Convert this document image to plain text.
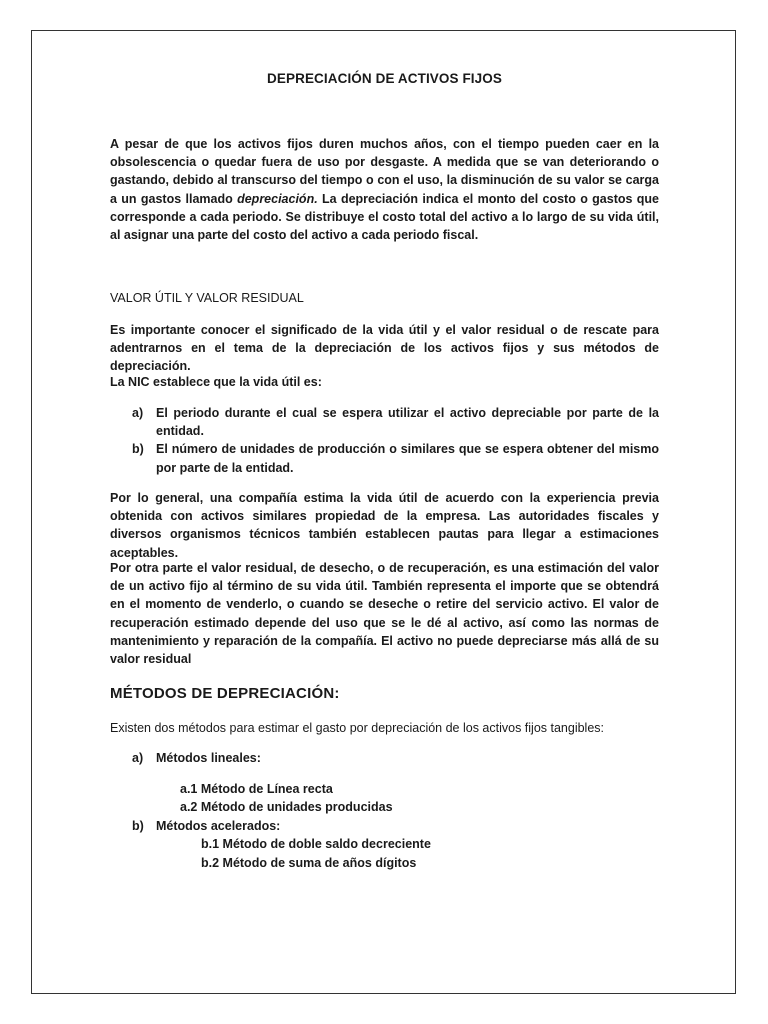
DEPRECIACIÓN DE ACTIVOS FIJOS

A pesar de que los activos fijos duren muchos años, con el tiempo pueden caer en la obsolescencia o quedar fuera de uso por desgaste. A medida que se van deteriorando o gastando, debido al transcurso del tiempo o con el uso, la disminución de su valor se carga a un gastos llamado depreciación. La depreciación indica el monto del costo o gastos que corresponde a cada periodo. Se distribuye el costo total del activo a lo largo de su vida útil, al asignar una parte del costo del activo a cada periodo fiscal.

VALOR ÚTIL Y VALOR RESIDUAL

Es importante conocer el significado de la vida útil y el valor residual o de rescate para adentrarnos en el tema de la depreciación de los activos fijos y sus métodos de depreciación.

La NIC establece que la vida útil es:

a) El periodo durante el cual se espera utilizar el activo depreciable por parte de la entidad.
b) El número de unidades de producción o similares que se espera obtener del mismo por parte de la entidad.

Por lo general, una compañía estima la vida útil de acuerdo con la experiencia previa obtenida con activos similares propiedad de la empresa. Las autoridades fiscales y diversos organismos técnicos también establecen pautas para llegar a estimaciones aceptables.

Por otra parte el valor residual, de desecho, o de recuperación, es una estimación del valor de un activo fijo al término de su vida útil. También representa el importe que se obtendrá en el momento de venderlo, o cuando se deseche o retire del servicio activo. El valor de recuperación estimado depende del uso que se le dé al activo, así como las normas de mantenimiento y reparación de la compañía. El activo no puede depreciarse más allá de su valor residual

MÉTODOS DE DEPRECIACIÓN:

Existen dos métodos para estimar el gasto por depreciación de los activos fijos tangibles:

a) Métodos lineales:

a.1 Método de Línea recta

a.2 Método de unidades producidas

b) Métodos acelerados:

b.1 Método de doble saldo decreciente

b.2 Método de suma de años dígitos
